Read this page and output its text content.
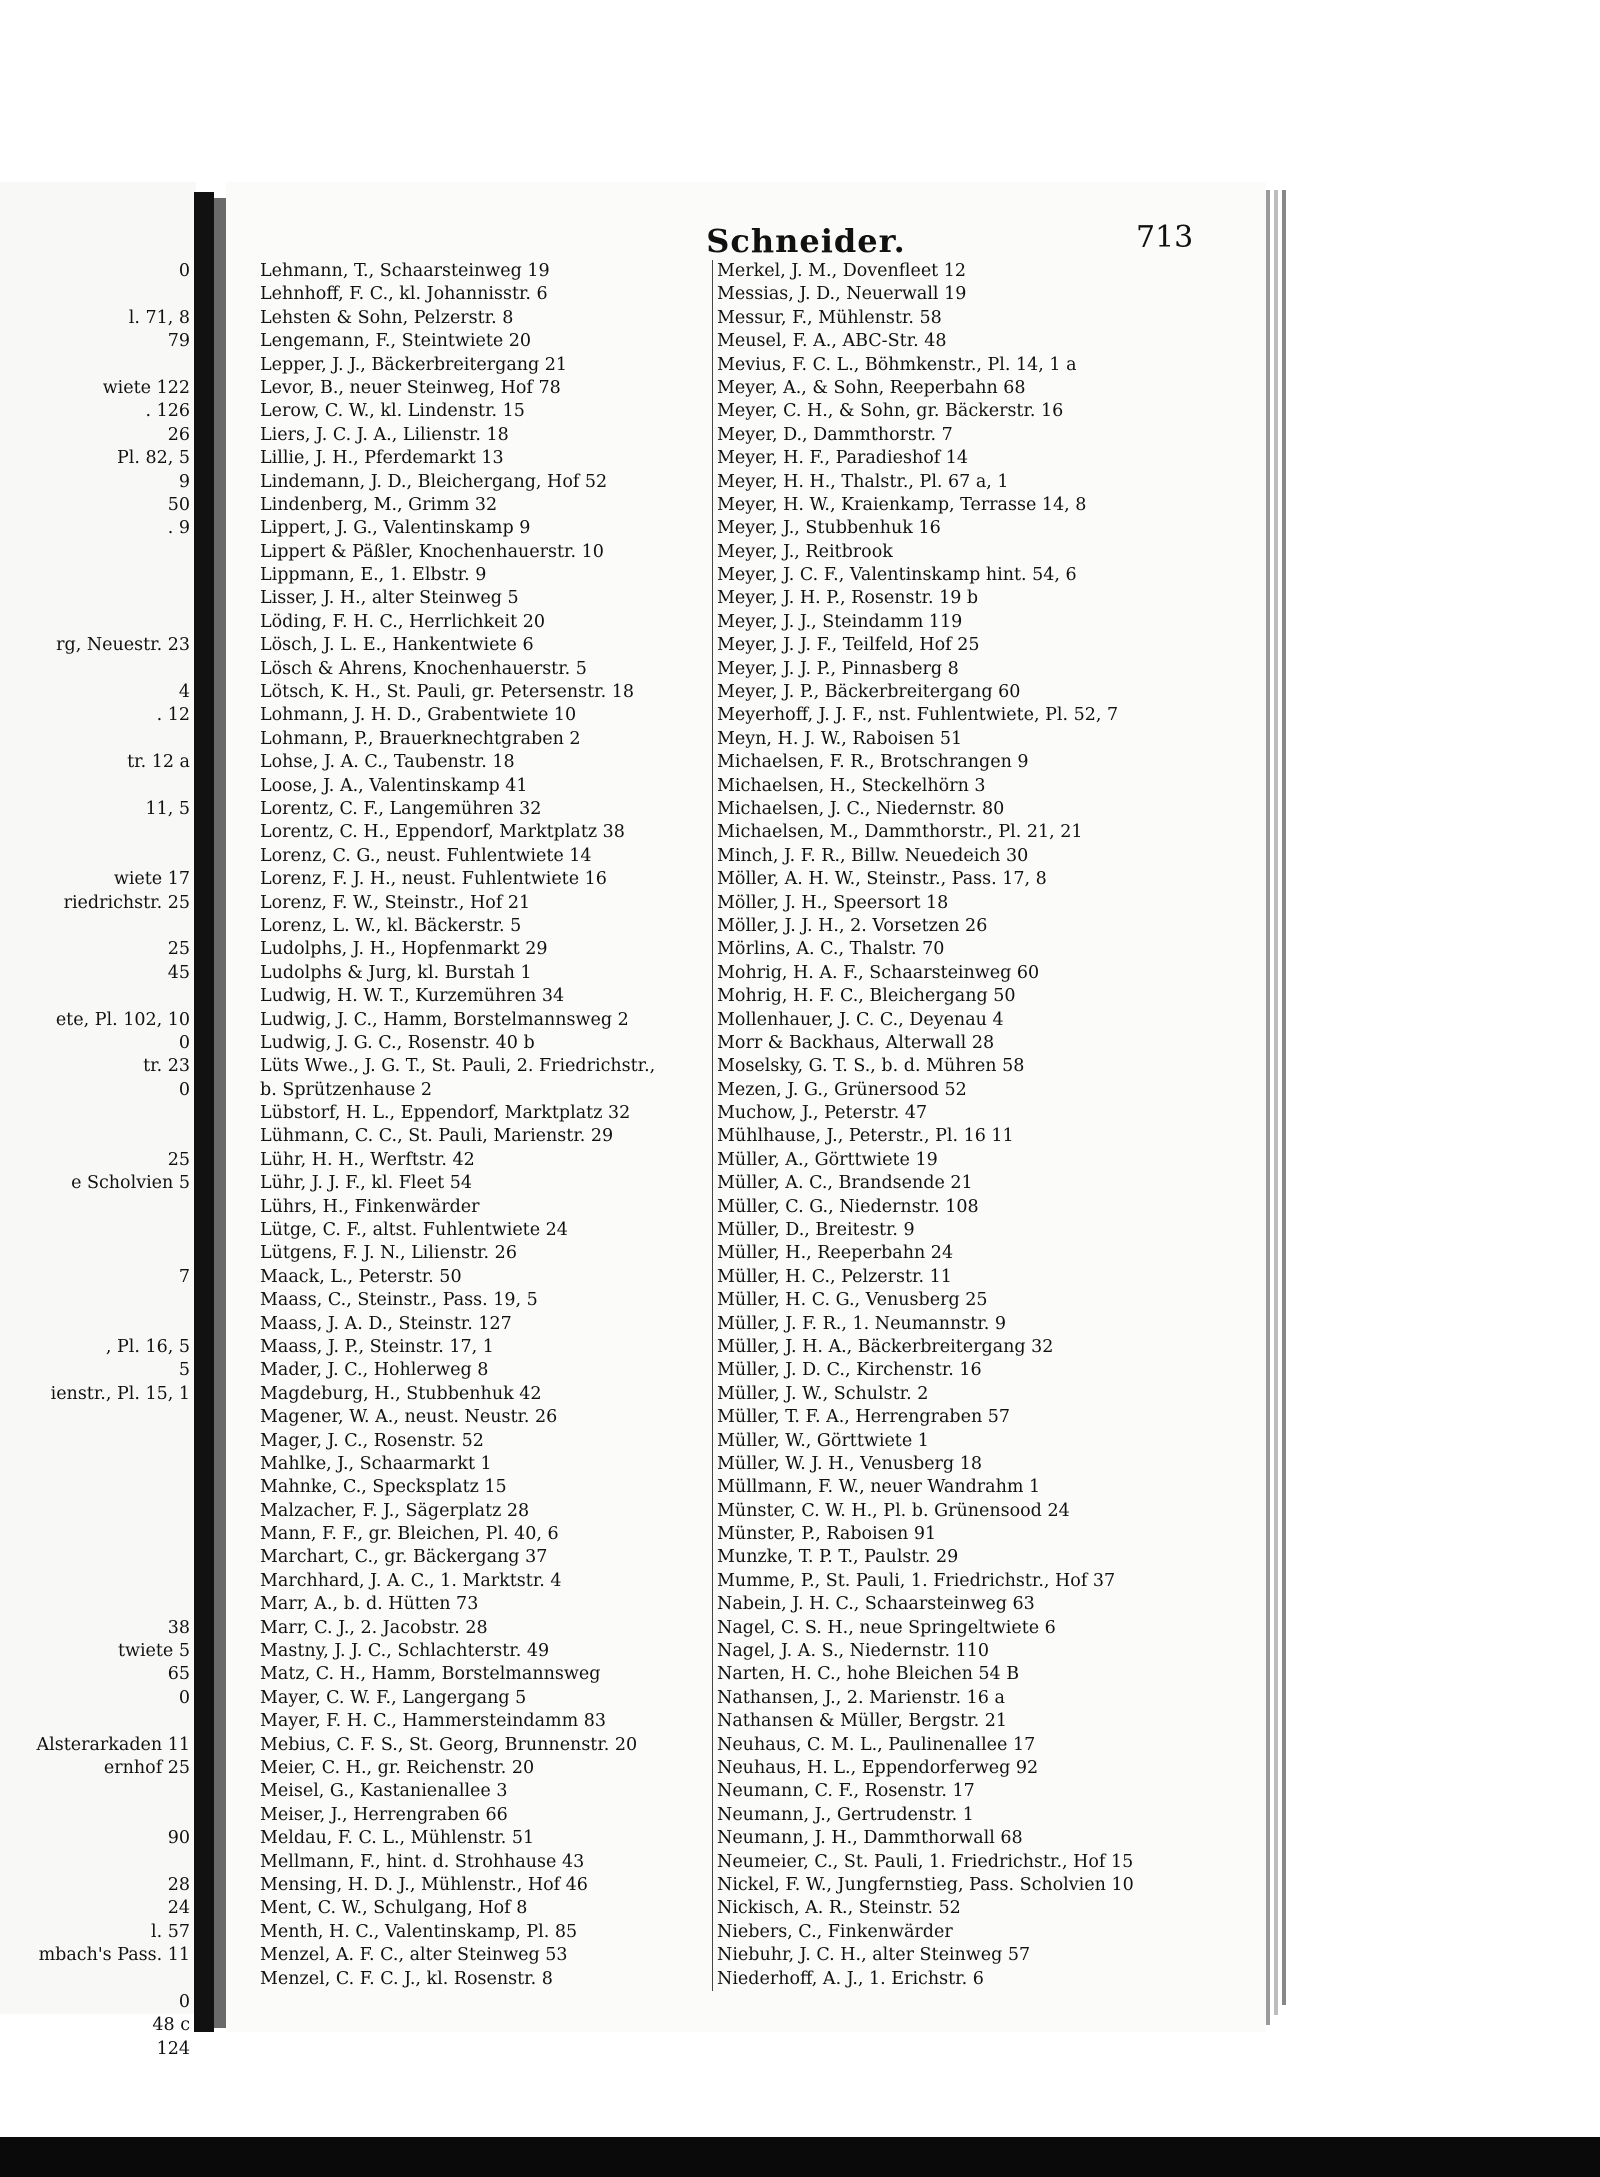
0
l. 71, 8
79
wiete 122
. 126
26
Pl. 82, 5
9
50
. 9
rg, Neuestr. 23
4
. 12
tr. 12 a
11, 5
wiete 17
riedrichstr. 25
25
45
ete, Pl. 102, 10
0
tr. 23
0
25
e Scholvien 5
7
, Pl. 16, 5
5
ienstr., Pl. 15, 1
38
twiete 5
65
0
Alsterarkaden 11
ernhof 25
90
28
24
l. 57
mbach's Pass. 11
0
48 c
124
Schneider.	713
Lehmann, T., Schaarsteinweg 19
Lehnhoff, F. C., kl. Johannisstr. 6
Lehsten & Sohn, Pelzerstr. 8
Lengemann, F., Steintwiete 20
Lepper, J. J., Bäckerbreitergang 21
Levor, B., neuer Steinweg, Hof 78
Lerow, C. W., kl. Lindenstr. 15
Liers, J. C. J. A., Lilienstr. 18
Lillie, J. H., Pferdemarkt 13
Lindemann, J. D., Bleichergang, Hof 52
Lindenberg, M., Grimm 32
Lippert, J. G., Valentinskamp 9
Lippert & Päßler, Knochenhauerstr. 10
Lippmann, E., 1. Elbstr. 9
Lisser, J. H., alter Steinweg 5
Löding, F. H. C., Herrlichkeit 20
Lösch, J. L. E., Hankentwiete 6
Lösch & Ahrens, Knochenhauerstr. 5
Lötsch, K. H., St. Pauli, gr. Petersenstr. 18
Lohmann, J. H. D., Grabentwiete 10
Lohmann, P., Brauerknechtgraben 2
Lohse, J. A. C., Taubenstr. 18
Loose, J. A., Valentinskamp 41
Lorentz, C. F., Langemühren 32
Lorentz, C. H., Eppendorf, Marktplatz 38
Lorenz, C. G., neust. Fuhlentwiete 14
Lorenz, F. J. H., neust. Fuhlentwiete 16
Lorenz, F. W., Steinstr., Hof 21
Lorenz, L. W., kl. Bäckerstr. 5
Ludolphs, J. H., Hopfenmarkt 29
Ludolphs & Jurg, kl. Burstah 1
Ludwig, H. W. T., Kurzemühren 34
Ludwig, J. C., Hamm, Borstelmannsweg 2
Ludwig, J. G. C., Rosenstr. 40 b
Lüts Wwe., J. G. T., St. Pauli, 2. Friedrichstr.,
b. Sprützenhause 2
Lübstorf, H. L., Eppendorf, Marktplatz 32
Lühmann, C. C., St. Pauli, Marienstr. 29
Lühr, H. H., Werftstr. 42
Lühr, J. J. F., kl. Fleet 54
Lührs, H., Finkenwärder
Lütge, C. F., altst. Fuhlentwiete 24
Lütgens, F. J. N., Lilienstr. 26
Maack, L., Peterstr. 50
Maass, C., Steinstr., Pass. 19, 5
Maass, J. A. D., Steinstr. 127
Maass, J. P., Steinstr. 17, 1
Mader, J. C., Hohlerweg 8
Magdeburg, H., Stubbenhuk 42
Magener, W. A., neust. Neustr. 26
Mager, J. C., Rosenstr. 52
Mahlke, J., Schaarmarkt 1
Mahnke, C., Specksplatz 15
Malzacher, F. J., Sägerplatz 28
Mann, F. F., gr. Bleichen, Pl. 40, 6
Marchart, C., gr. Bäckergang 37
Marchhard, J. A. C., 1. Marktstr. 4
Marr, A., b. d. Hütten 73
Marr, C. J., 2. Jacobstr. 28
Mastny, J. J. C., Schlachterstr. 49
Matz, C. H., Hamm, Borstelmannsweg
Mayer, C. W. F., Langergang 5
Mayer, F. H. C., Hammersteindamm 83
Mebius, C. F. S., St. Georg, Brunnenstr. 20
Meier, C. H., gr. Reichenstr. 20
Meisel, G., Kastanienallee 3
Meiser, J., Herrengraben 66
Meldau, F. C. L., Mühlenstr. 51
Mellmann, F., hint. d. Strohhause 43
Mensing, H. D. J., Mühlenstr., Hof 46
Ment, C. W., Schulgang, Hof 8
Menth, H. C., Valentinskamp, Pl. 85
Menzel, A. F. C., alter Steinweg 53
Menzel, C. F. C. J., kl. Rosenstr. 8
Merkel, J. M., Dovenfleet 12
Messias, J. D., Neuerwall 19
Messur, F., Mühlenstr. 58
Meusel, F. A., ABC-Str. 48
Mevius, F. C. L., Böhmkenstr., Pl. 14, 1 a
Meyer, A., & Sohn, Reeperbahn 68
Meyer, C. H., & Sohn, gr. Bäckerstr. 16
Meyer, D., Dammthorstr. 7
Meyer, H. F., Paradieshof 14
Meyer, H. H., Thalstr., Pl. 67 a, 1
Meyer, H. W., Kraienkamp, Terrasse 14, 8
Meyer, J., Stubbenhuk 16
Meyer, J., Reitbrook
Meyer, J. C. F., Valentinskamp hint. 54, 6
Meyer, J. H. P., Rosenstr. 19 b
Meyer, J. J., Steindamm 119
Meyer, J. J. F., Teilfeld, Hof 25
Meyer, J. J. P., Pinnasberg 8
Meyer, J. P., Bäckerbreitergang 60
Meyerhoff, J. J. F., nst. Fuhlentwiete, Pl. 52, 7
Meyn, H. J. W., Raboisen 51
Michaelsen, F. R., Brotschrangen 9
Michaelsen, H., Steckelhörn 3
Michaelsen, J. C., Niedernstr. 80
Michaelsen, M., Dammthorstr., Pl. 21, 21
Minch, J. F. R., Billw. Neuedeich 30
Möller, A. H. W., Steinstr., Pass. 17, 8
Möller, J. H., Speersort 18
Möller, J. J. H., 2. Vorsetzen 26
Mörlins, A. C., Thalstr. 70
Mohrig, H. A. F., Schaarsteinweg 60
Mohrig, H. F. C., Bleichergang 50
Mollenhauer, J. C. C., Deyenau 4
Morr & Backhaus, Alterwall 28
Moselsky, G. T. S., b. d. Mühren 58
Mezen, J. G., Grünersood 52
Muchow, J., Peterstr. 47
Mühlhause, J., Peterstr., Pl. 16 11
Müller, A., Görttwiete 19
Müller, A. C., Brandsende 21
Müller, C. G., Niedernstr. 108
Müller, D., Breitestr. 9
Müller, H., Reeperbahn 24
Müller, H. C., Pelzerstr. 11
Müller, H. C. G., Venusberg 25
Müller, J. F. R., 1. Neumannstr. 9
Müller, J. H. A., Bäckerbreitergang 32
Müller, J. D. C., Kirchenstr. 16
Müller, J. W., Schulstr. 2
Müller, T. F. A., Herrengraben 57
Müller, W., Görttwiete 1
Müller, W. J. H., Venusberg 18
Müllmann, F. W., neuer Wandrahm 1
Münster, C. W. H., Pl. b. Grünensood 24
Münster, P., Raboisen 91
Munzke, T. P. T., Paulstr. 29
Mumme, P., St. Pauli, 1. Friedrichstr., Hof 37
Nabein, J. H. C., Schaarsteinweg 63
Nagel, C. S. H., neue Springeltwiete 6
Nagel, J. A. S., Niedernstr. 110
Narten, H. C., hohe Bleichen 54 B
Nathansen, J., 2. Marienstr. 16 a
Nathansen & Müller, Bergstr. 21
Neuhaus, C. M. L., Paulinenallee 17
Neuhaus, H. L., Eppendorferweg 92
Neumann, C. F., Rosenstr. 17
Neumann, J., Gertrudenstr. 1
Neumann, J. H., Dammthorwall 68
Neumeier, C., St. Pauli, 1. Friedrichstr., Hof 15
Nickel, F. W., Jungfernstieg, Pass. Scholvien 10
Nickisch, A. R., Steinstr. 52
Niebers, C., Finkenwärder
Niebuhr, J. C. H., alter Steinweg 57
Niederhoff, A. J., 1. Erichstr. 6
